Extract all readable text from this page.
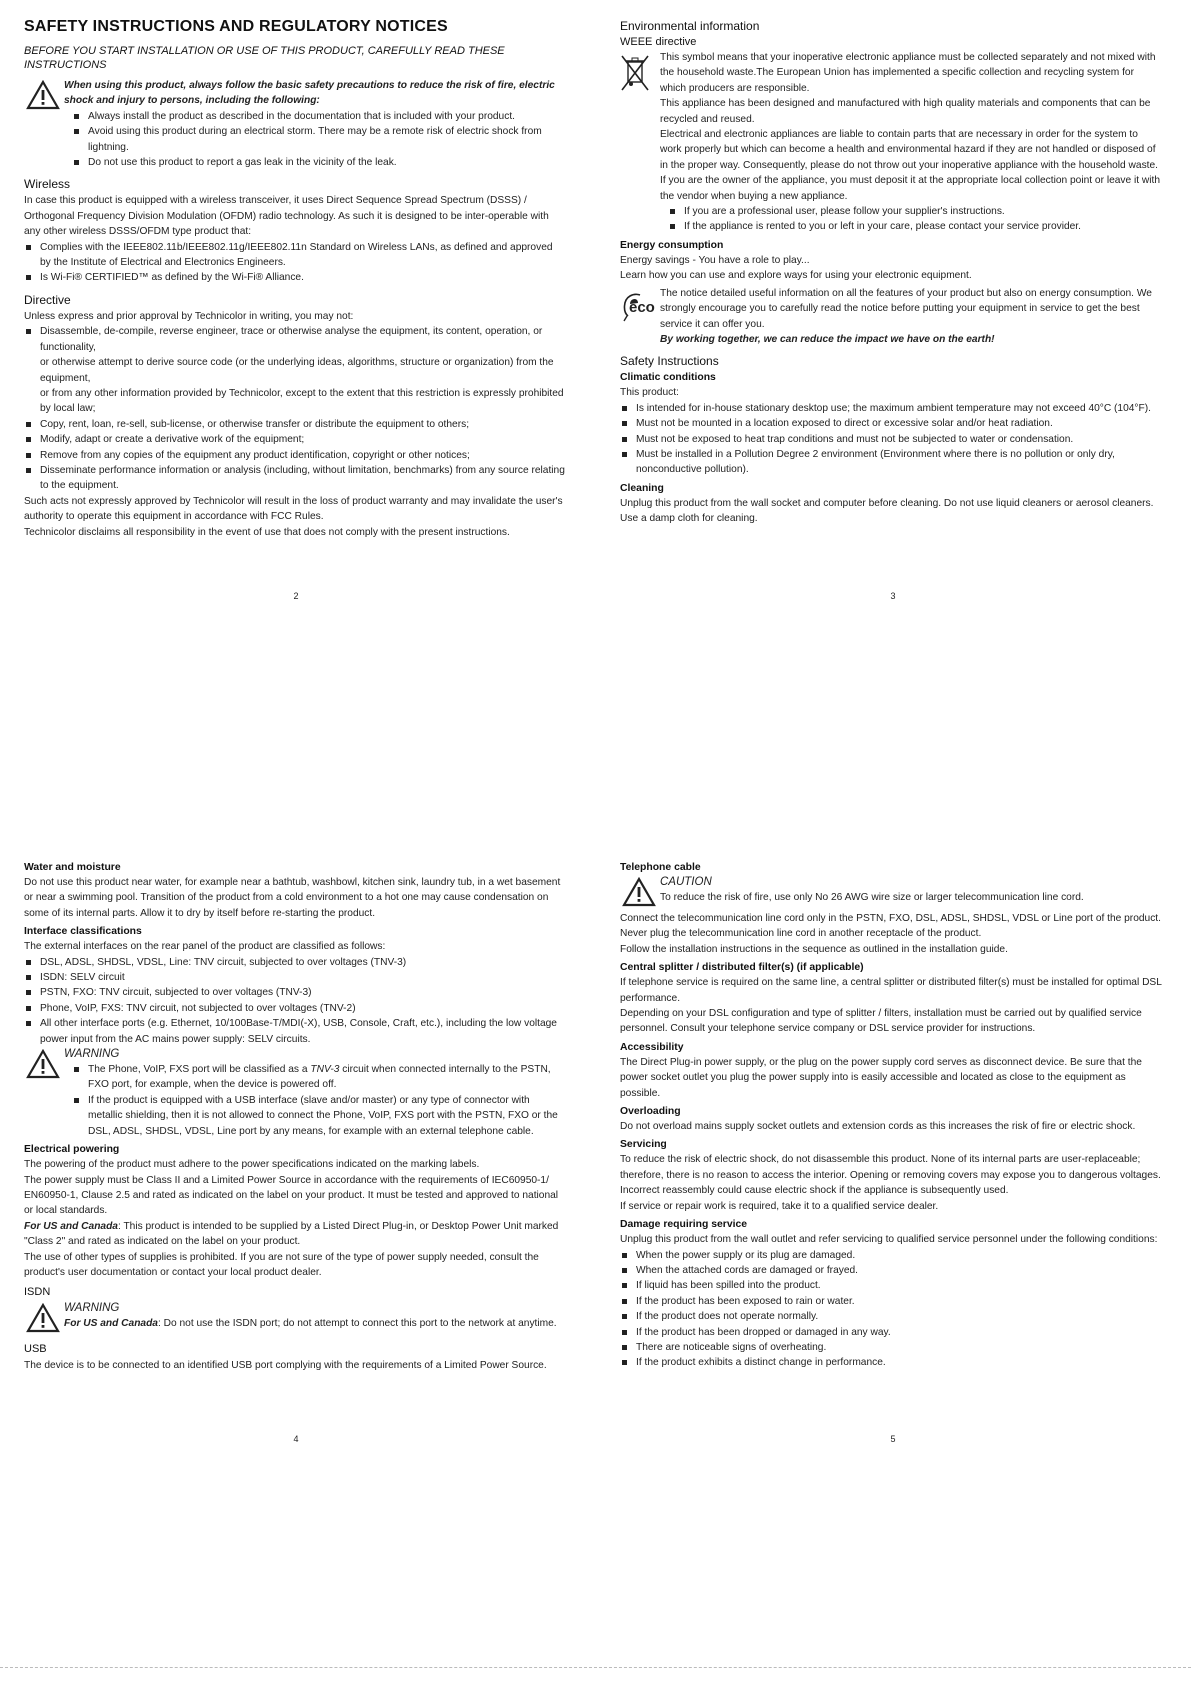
SAFETY INSTRUCTIONS AND REGULATORY NOTICES
BEFORE YOU START INSTALLATION OR USE OF THIS PRODUCT, CAREFULLY READ THESE INSTRUCTIONS

When using this product, always follow the basic safety precautions to reduce the risk of fire, electric shock and injury to persons, including the following:

Always install the product as described in the documentation that is included with your product.
Avoid using this product during an electrical storm. There may be a remote risk of electric shock from lightning.
Do not use this product to report a gas leak in the vicinity of the leak.
Wireless

In case this product is equipped with a wireless transceiver, it uses Direct Sequence Spread Spectrum (DSSS) / Orthogonal Frequency Division Modulation (OFDM) radio technology. As such it is designed to be inter-operable with any other wireless DSSS/OFDM type product that:

Complies with the IEEE802.11b/IEEE802.11g/IEEE802.11n Standard on Wireless LANs, as defined and approved by the Institute of Electrical and Electronics Engineers.
Is Wi-Fi® CERTIFIED™ as defined by the Wi-Fi® Alliance.
Directive

Unless express and prior approval by Technicolor in writing, you may not:

Disassemble, de-compile, reverse engineer, trace or otherwise analyse the equipment, its content, operation, or functionality,
or otherwise attempt to derive source code (or the underlying ideas, algorithms, structure or organization) from the equipment,
or from any other information provided by Technicolor, except to the extent that this restriction is expressly prohibited by local law;
Copy, rent, loan, re-sell, sub-license, or otherwise transfer or distribute the equipment to others;
Modify, adapt or create a derivative work of the equipment;
Remove from any copies of the equipment any product identification, copyright or other notices;
Disseminate performance information or analysis (including, without limitation, benchmarks) from any source relating to the equipment.

Such acts not expressly approved by Technicolor will result in the loss of product warranty and may invalidate the user's authority to operate this equipment in accordance with FCC Rules.

Technicolor disclaims all responsibility in the event of use that does not comply with the present instructions.

2
Environmental information
WEEE directive

This symbol means that your inoperative electronic appliance must be collected separately and not mixed with the household waste.The European Union has implemented a specific collection and recycling system for which producers are responsible.

This appliance has been designed and manufactured with high quality materials and components that can be recycled and reused.

Electrical and electronic appliances are liable to contain parts that are necessary in order for the system to work properly but which can become a health and environmental hazard if they are not handled or disposed of in the proper way. Consequently, please do not throw out your inoperative appliance with the household waste.

If you are the owner of the appliance, you must deposit it at the appropriate local collection point or leave it with the vendor when buying a new appliance.

If you are a professional user, please follow your supplier's instructions.
If the appliance is rented to you or left in your care, please contact your service provider.
Energy consumption

Energy savings - You have a role to play...

Learn how you can use and explore ways for using your electronic equipment.

eco

The notice detailed useful information on all the features of your product but also on energy consumption. We strongly encourage you to carefully read the notice before putting your equipment in service to get the best service it can offer you.

By working together, we can reduce the impact we have on the earth!

Safety Instructions
Climatic conditions

This product:

Is intended for in-house stationary desktop use; the maximum ambient temperature may not exceed 40°C (104°F).
Must not be mounted in a location exposed to direct or excessive solar and/or heat radiation.
Must not be exposed to heat trap conditions and must not be subjected to water or condensation.
Must be installed in a Pollution Degree 2 environment (Environment where there is no pollution or only dry, nonconductive pollution).
Cleaning

Unplug this product from the wall socket and computer before cleaning. Do not use liquid cleaners or aerosol cleaners. Use a damp cloth for cleaning.

3
Water and moisture

Do not use this product near water, for example near a bathtub, washbowl, kitchen sink, laundry tub, in a wet basement or near a swimming pool. Transition of the product from a cold environment to a hot one may cause condensation on some of its internal parts. Allow it to dry by itself before re-starting the product.

Interface classifications

The external interfaces on the rear panel of the product are classified as follows:

DSL, ADSL, SHDSL, VDSL, Line: TNV circuit, subjected to over voltages (TNV-3)
ISDN: SELV circuit
PSTN, FXO: TNV circuit, subjected to over voltages (TNV-3)
Phone, VoIP, FXS: TNV circuit, not subjected to over voltages (TNV-2)
All other interface ports (e.g. Ethernet, 10/100Base-T/MDI(-X), USB, Console, Craft, etc.), including the low voltage power input from the AC mains power supply: SELV circuits.
WARNING
The Phone, VoIP, FXS port will be classified as a TNV-3 circuit when connected internally to the PSTN, FXO port, for example, when the device is powered off.
If the product is equipped with a USB interface (slave and/or master) or any type of connector with metallic shielding, then it is not allowed to connect the Phone, VoIP, FXS port with the PSTN, FXO or the DSL, ADSL, SHDSL, VDSL, Line port by any means, for example with an external telephone cable.
Electrical powering

The powering of the product must adhere to the power specifications indicated on the marking labels.

The power supply must be Class II and a Limited Power Source in accordance with the requirements of IEC60950-1/ EN60950-1, Clause 2.5 and rated as indicated on the label on your product. It must be tested and approved to national or local standards.

For US and Canada: This product is intended to be supplied by a Listed Direct Plug-in, or Desktop Power Unit marked "Class 2" and rated as indicated on the label on your product.

The use of other types of supplies is prohibited. If you are not sure of the type of power supply needed, consult the product's user documentation or contact your local product dealer.

ISDN
WARNING

For US and Canada: Do not use the ISDN port; do not attempt to connect this port to the network at anytime.

USB

The device is to be connected to an identified USB port complying with the requirements of a Limited Power Source.

4
Telephone cable
CAUTION

To reduce the risk of fire, use only No 26 AWG wire size or larger telecommunication line cord.

Connect the telecommunication line cord only in the PSTN, FXO, DSL, ADSL, SHDSL, VDSL or Line port of the product. Never plug the telecommunication line cord in another receptacle of the product.

Follow the installation instructions in the sequence as outlined in the installation guide.

Central splitter / distributed filter(s) (if applicable)

If telephone service is required on the same line, a central splitter or distributed filter(s) must be installed for optimal DSL performance.

Depending on your DSL configuration and type of splitter / filters, installation must be carried out by qualified service personnel. Consult your telephone service company or DSL service provider for instructions.

Accessibility

The Direct Plug-in power supply, or the plug on the power supply cord serves as disconnect device. Be sure that the power socket outlet you plug the power supply into is easily accessible and located as close to the equipment as possible.

Overloading

Do not overload mains supply socket outlets and extension cords as this increases the risk of fire or electric shock.

Servicing

To reduce the risk of electric shock, do not disassemble this product. None of its internal parts are user-replaceable; therefore, there is no reason to access the interior. Opening or removing covers may expose you to dangerous voltages. Incorrect reassembly could cause electric shock if the appliance is subsequently used.

If service or repair work is required, take it to a qualified service dealer.

Damage requiring service

Unplug this product from the wall outlet and refer servicing to qualified service personnel under the following conditions:

When the power supply or its plug are damaged.
When the attached cords are damaged or frayed.
If liquid has been spilled into the product.
If the product has been exposed to rain or water.
If the product does not operate normally.
If the product has been dropped or damaged in any way.
There are noticeable signs of overheating.
If the product exhibits a distinct change in performance.
5
